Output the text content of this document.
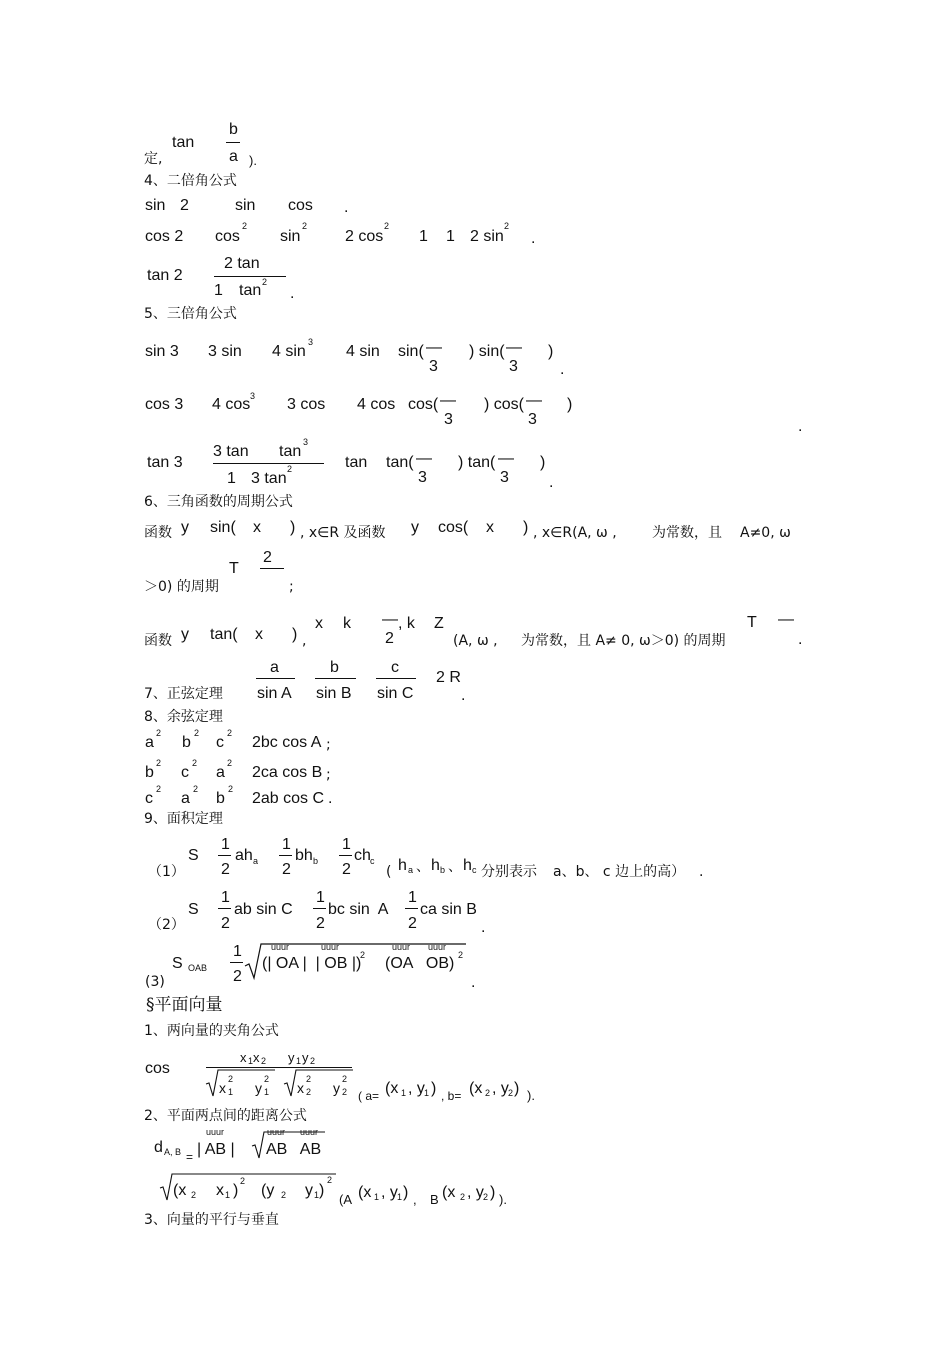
定,
tan
b
a ).
4、二倍角公式
sin 2	sin cos .
cos 2 cos
2
sin
2
2 cos
2
1 1 2 sin
2
.
tan 2
2 tan
1 tan 2
.
5、三倍角公式
sin 3 3 sin 4 sin
3
4 sin sin( — ) sin( — )
3	3	.
cos 3 4 cos 3 3 cos 4 cos cos( — ) cos( — )
3	3	.
tan 3
3 tan tan
3
1 3 tan
2	tan tan( — ) tan( — )
3	3	.
6、三角函数的周期公式
函数 y sin( x ) , x∈R 及函数 y cos( x ) , x∈R(A, ω ,	为常数，且 A≠0, ω
T
2
＞0) 的周期	;
函数 y tan( x ) ,
x k — , k Z
2	(A, ω , 为常数，且 A≠ 0, ω＞0) 的周期
T —
.
7、正弦定理
a
sin A
b
sin B
c
sin C
2 R
.
8、余弦定理
a
2
b
2
c
2
2bc cos A ;
b
2
c
2
a
2
2ca cos B ;
c
2
a
2
b
2
2ab cos C .
9、面积定理
（1）
S
1
2
ah a
1
2
bh b
1
2
ch c
( h a 、 h b 、 h c 分别表示 a、b、 c 边上的高） .
（2）
S
1
2
ab sin C
1
2
bc sin  A
1
2
ca sin B
.
(3)
S OAB
1
2
uuur	uuur	uuur uuur
(| OA |  | OB |)
2 (OA   OB) 2
.
§平面向量
1、两向量的夹角公式
cos
x 1 x 2 y 1 y 2
x 1
2
y 1
2
x 2
2
y 2
2
( a= (x 1 , y 1 ) , b= (x 2 , y 2 ) ).
2、平面两点间的距离公式
d A, B =
uuur
| AB |
uuur uuur
AB   AB
(x 2 x 1 )
2
(y 2 y 1 )
2
(A (x 1 , y 1 ) , B (x 2 , y 2 ) ).
3、向量的平行与垂直
